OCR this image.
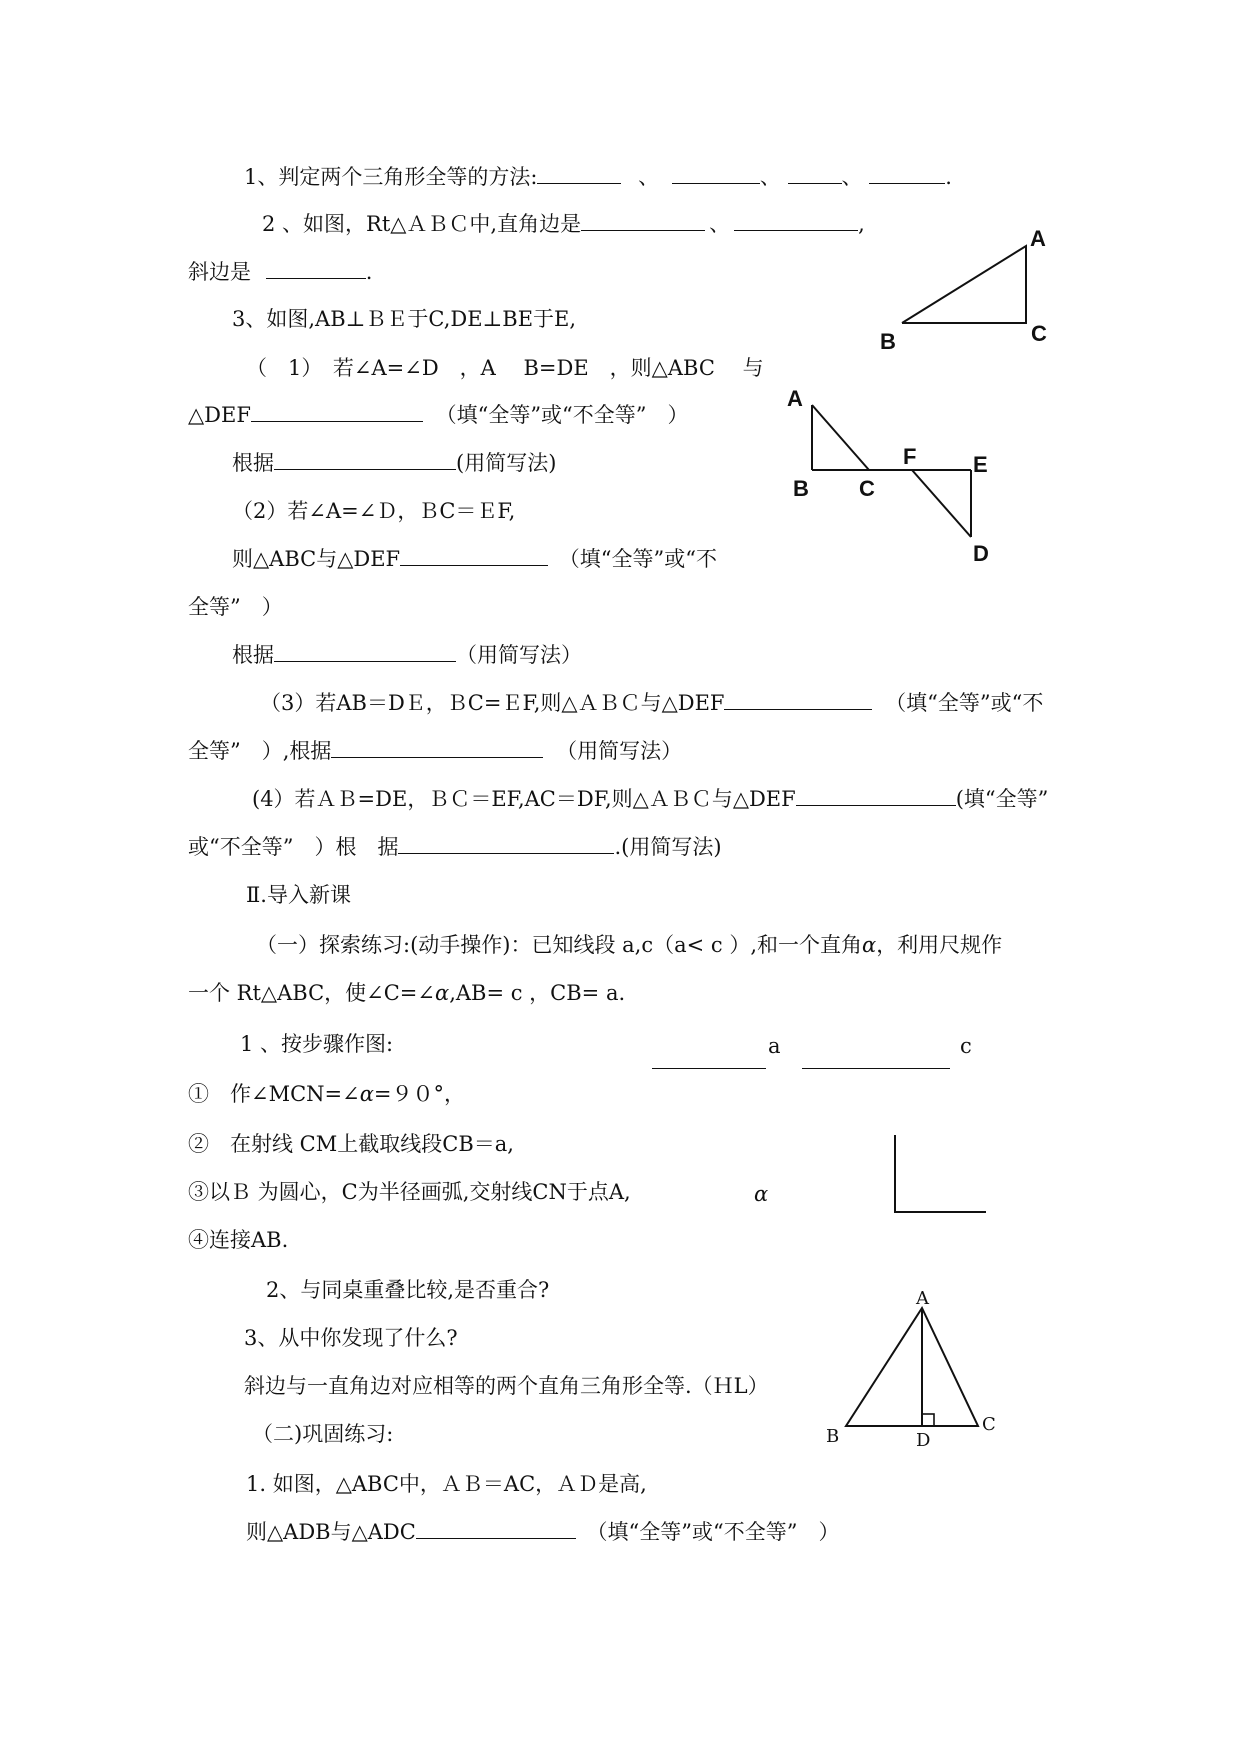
1、判定两个三角形全等的方法:	、	、	、	.
2 、如图，Rt△ＡＢＣ中,直角边是	、	,
斜边是	.
A
B	C
3、如图,AB⊥ＢＥ于C,DE⊥BE于E,
（　1）　若∠A=∠D　，A　 B=DE　，则△ABC　 与
△DEF	（填“全等”或“不全等”　）
根据	(用简写法)
A
B C
F	E
D
（2）若∠A=∠Ｄ，ＢC＝ＥF,
则△ABC与△DEF	（填“全等”或“不
全等”　）
根据	（用简写法）
（3）若AB＝DＥ，ＢC=ＥF,则△ＡＢＣ与△DEF	（填“全等”或“不
全等”　）,根据	（用简写法）
(4）若ＡＢ=DE，ＢＣ＝EF,AC＝DF,则△ＡＢＣ与△DEF	(填“全等”
或“不全等”　）根　据	.(用简写法)
Ⅱ.导入新课
（一）探索练习:(动手操作)：已知线段 a,c（a< c ）,和一个直角α，利用尺规作
一个 Rt△ABC，使∠C=∠α,AB= c ，CB= a.
1 、按步骤作图:	a	c
①　作∠MCN=∠α=９０°，
②　在射线 CM上截取线段CB＝a,
③以Ｂ 为圆心，C为半径画弧,交射线CN于点A,	α
④连接AB.
2、与同桌重叠比较,是否重合?
3、从中你发现了什么?
斜边与一直角边对应相等的两个直角三角形全等.（ＨL）
A
B
C
D
（二)巩固练习:
1. 如图，△ABC中，ＡＢ＝AC，ＡＤ是高,
则△ADB与△ADC	（填“全等”或“不全等”　）
